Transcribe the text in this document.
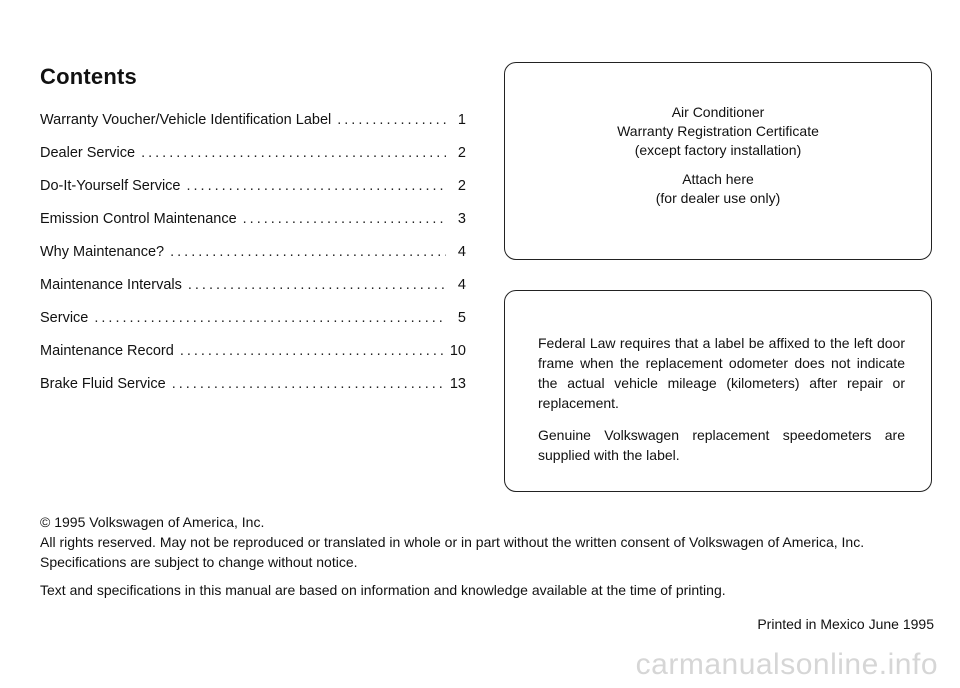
Contents
Warranty Voucher/Vehicle Identification Label .....	1
Dealer Service .....	2
Do-It-Yourself Service .....	2
Emission Control Maintenance .....	3
Why Maintenance? .....	4
Maintenance Intervals .....	4
Service .....	5
Maintenance Record .....	10
Brake Fluid Service .....	13
Air Conditioner
Warranty Registration Certificate
(except factory installation)
Attach here
(for dealer use only)

Federal Law requires that a label be affixed to the left door frame when the replacement odometer does not indicate the actual vehicle mileage (kilometers) after repair or replacement.

Genuine Volkswagen replacement speedometers are supplied with the label.

© 1995 Volkswagen of America, Inc.
All rights reserved. May not be reproduced or translated in whole or in part without the written consent of Volkswagen of America, Inc.
Specifications are subject to change without notice.
Text and specifications in this manual are based on information and knowledge available at the time of printing.
Printed in Mexico June 1995
carmanualsonline.info
